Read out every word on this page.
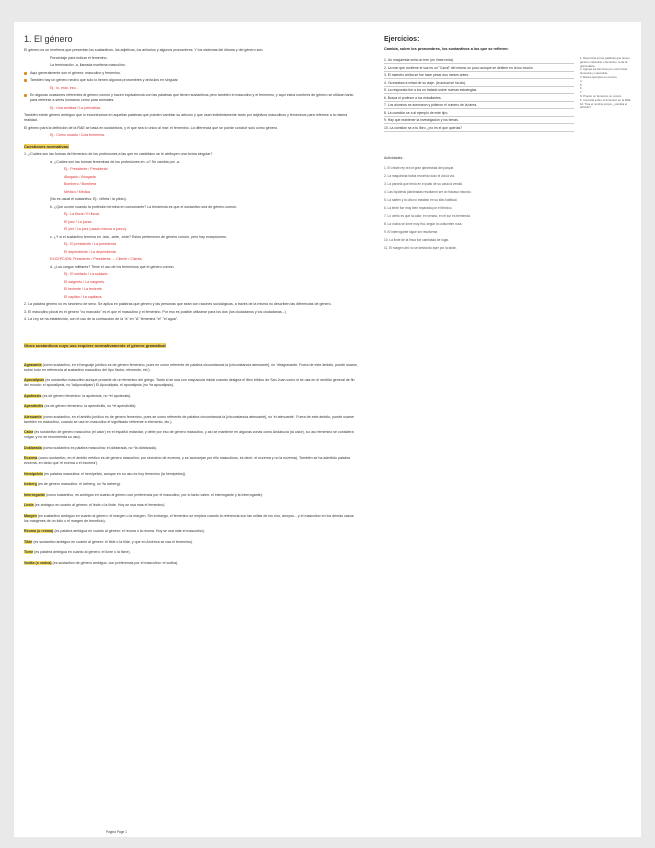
1. El género

El género es un morfema que presentan los sustantivos, los adjetivos, los artículos y algunos pronombres. Y los sistemas del idioma y del género son:

Porcentaje para indicar el femenino.

La terminación -a, llamada morfema masculino.

Aquí generalmente son el género: masculino y femenino.

También hay un género neutro que solo lo tienen algunos pronombres y artículos en singular.

Ej.: lo, esto, eso...

En algunas ocasiones referentes al género común y hacen equivalencia con las palabras que tienen sustantivos pero también el masculino y el femenino, y aquí estos nombres de género se utilizan tanto para referirse a seres humanos como para animales.

Ej.: Una amistad / La periodista.

También existe género ambiguo que lo encontramos en aquellas palabras que pueden cambiar su artículo y que usan indistintamente tanto por adjetivos masculinos y femeninos para referirse a la misma realidad.

El género para la definición de la RAE se basa en sustantivos, y el que sea lo único al mar: el femenino. La diferencia que se puede concluir solo como género.

Ej.: Cómo rosado / Cola femenina.

Cuestiones normativas:

1. ¿Cuáles son las formas del femenino de los profesiones a las que en castellano se le atribuyen una forma singular?

a. ¿Cuáles son las formas femeninas de los profesiones en -o? Se cambia por -a.

Ej.: Presidente / Presidenta

Abogado / Abogada

Bombero / Bombera

Médico / Médica

(No es usual el sustantivo: Ej.: niñeta / la piloto).

b. ¿Qué ocurre cuando la profesión termina en consonante? La tendencia es que el sustantivo sea de género común.

Ej.: La fiscal / El fiscal.

El juez / La jueza.

El y/el / La juez (usado menos a juezu).

c. ¿Y si el sustantivo termina en -ista, -ante, -ente? Estos pertenecen de género común, pero hay excepciones.

Ej.: El presidente / La presidenta

El dependiente / La dependienta

EXCEPCIÓN: Presidente / Presidenta → Cliente / Clienta.

d. ¿Los cargos militares? Tiene el uso de los femeninos que el género común.

Ej.: El soldado / La soldado.

El sargento / La sargento.

El teniente / La teniente.

El capitán / La capitana.

2. La palabra género no es sinónimo de sexo. Se aplica en palabras que género y las personas que sean con razones sociológicas, a través de la misma no describen las diferencias de género.

3. El masculino plural es el género "no marcado" es el que el masculino y el femenino. Por eso es posible utilizarse para los dos (los ciudadanos y los ciudadanas...)

4. La Ley se ha establecido, con el uso de la contracción de la "a" en "A" femenina "el" "el agua".

Otros sustantivos cuyo uso requiere normativamente el género gramatical

Agravante (como sustantivo, en el lenguaje jurídico es de género femenino, pues en como referente de palabra circunstancia la [circunstancia atenuante], no "eltagravante. Fuera de este ámbito, puede usarse, sobre todo en referencia al sustantivo masculino del tipo 'factor, elemento, etc').

Apocalipsis (es sustantivo masculino aunque procede de un femenino del griego. Tanto si se usa con mayúscula inicial cuando designa el libro bíblico de San Juan como si se usa en el sentido general de fin del mundo: el apocalipsis, no 'laApocalipsis') El Apocalipsis, el apocalipsis (no *la apocalipsis).

Apoteosis (es de género femenino: la apoteosis, no *el apoteosis).

Apendicitis (es de género femenino: la apendicitis, no *el apendicitis).

Atenuante (como sustantivo, en el ámbito jurídico es de género femenino, pues se como referente de palabra circunstancia la [circunstancia atenuante], no 'el atenuante'. Fuera de este ámbito, puede usarse también en masculino, cuando se usa en masculino el significado referente a elemento, etc.).

Calor (es sustantivo de género masculino (el calor) en el español estándar, y debe por eso de género masculino, y así se mantiene en algunas zonas como Andalucía (la calor), su uso femenino se considera vulgar, y no se recomienda su uso).

Doblarada (como sustantivo es palabra masculina: el doblarada, no *la doblarada).

Eczema (como sustantivo, en el ámbito médico es de género masculino: por sinónimo de eczema, y se aconsejan por ello masculinos, es decir: el eczema y no la eczema). También se ha admitido palabra ezcema, en tanto que 'el ecema o el ezcema').

Hemipelvis (es palabra masculina: el hemipelvis, aunque en su uso es hoy femenino (la hemipelvis)).

Iceberg (es de género masculino: el iceberg, no *la iceberg).

Interrogante (como sustantivo, es ambiguo en cuanto al género con preferencia por el masculino, por lo tanto valen: el interrogante y la interrogante).

Linde (es ambiguo en cuanto al género: el linde o la linde. Hoy se usa más el femenino).

Margen (es sustantivo ambiguo en cuanto al género: el margen o la margen. Sin embargo, el femenino se emplea cuando la referencia son las orillas de los ríos, arroyos... y el masculino en los demás casos: los márgenes de un folio o el margen de beneficio).

Reuma (o reúma) (es palabra ambigua en cuanto al género: el reuma o la reuma. Hoy se usa más el masculino).

Tilde (es sustantivo ambiguo en cuanto al género: el tilde o la tilde, y que en América se usa el femenino).

Tizne (es palabra ambigua en cuanto al género: el tizne o la tizne).

Vodka (o vodca) (es sustantivo de género ambiguo, con preferencia por el masculino: el vodka).

Ejercicios:
Cambia, sobre los pronombres, los sustantivos a los que se refieren:
1. Un maquinista seria un tren (en línea recta).
2. La mar que contiene el sus es un "Canal" del mismo un poco aunque se detiene en la luz mucho
3. El maestro arriba se fue hace pesar dos meses antes.
4. Ya estaban a mitad de su viaje. (la actual se ha ido).
5. La respuesta fue a los un tratado sobre nuevas estrategias.
6. Busca el profesor a los estudiantes.
7. Los alumnos se acercaron y pidieron el número de la tarea.
8. La cuestión se a al ejemplo de este tipo.
9. Hay que mantener la investigación y los temas.
10. La cuestión se a tu libro, ¿no es el que querías?
1. Determina en las palabras que tienen genero masculino o femenino, la de la grammática.
2. Agrupa los términos por sus formas femenina y masculina.
3. Busca ejemplos en el texto.
4.
5.
6.
7.
8. Propón un femenino no común.
9. Consulta sobre el femenino en la RAE.
10. Tras el nombre propio, ¿cambia el artículo?
Actividades
1. El chiste rey era el gran ajedrecista del parque.
2. La maquinista había recorrido todo el día la vía.
3. La parcela que tenía en el patio de su casa la vendió.
4. Las hipótesis planteadas resultaron ser un fracaso rotundo.
5. La sartén y la olla no estaban en su sitio habitual.
6. La lente fue muy bien reparada por el técnico.
7. Lo cierto es que la calor, en verano, en el sur es tremenda.
8. La vodka se sirve muy fría, según la costumbre rusa.
9. El interrogante sigue sin resolverse.
10. La linde de la finca fue cambiada de lugar.
11. El margen del río se desbordó ayer por la tarde.
Página Page 1
